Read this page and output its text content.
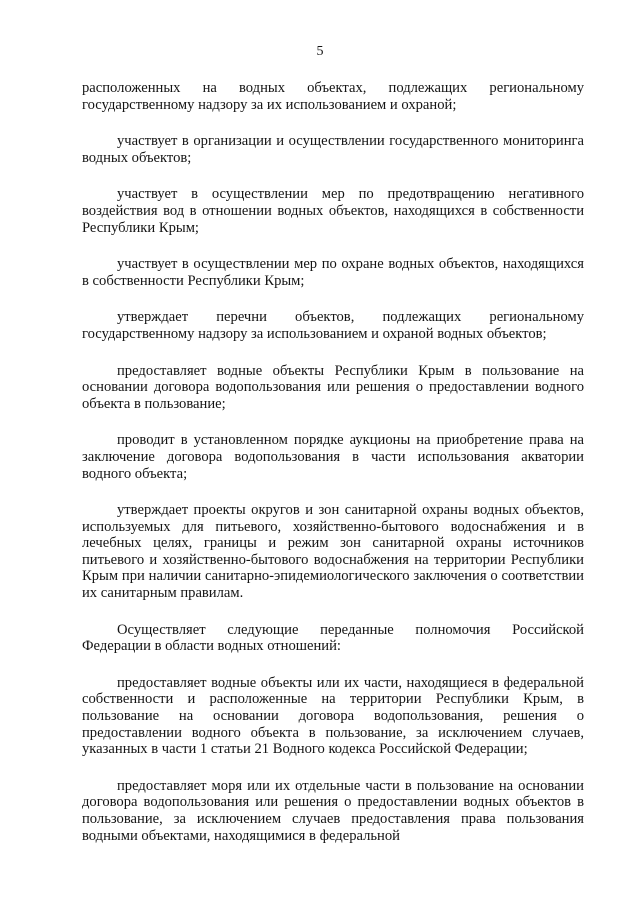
5

расположенных на водных объектах, подлежащих региональному государственному надзору за их использованием и охраной;

участвует в организации и осуществлении государственного мониторинга водных объектов;

участвует в осуществлении мер по предотвращению негативного воздействия вод в отношении водных объектов, находящихся в собственности Республики Крым;

участвует в осуществлении мер по охране водных объектов, находящихся в собственности Республики Крым;

утверждает перечни объектов, подлежащих региональному государственному надзору за использованием и охраной водных объектов;

предоставляет водные объекты Республики Крым в пользование на основании договора водопользования или решения о предоставлении водного объекта в пользование;

проводит в установленном порядке аукционы на приобретение права на заключение договора водопользования в части использования акватории водного объекта;

утверждает проекты округов и зон санитарной охраны водных объектов, используемых для питьевого, хозяйственно-бытового водоснабжения и в лечебных целях, границы и режим зон санитарной охраны источников питьевого и хозяйственно-бытового водоснабжения на территории Республики Крым при наличии санитарно-эпидемиологического заключения о соответствии их санитарным правилам.

Осуществляет следующие переданные полномочия Российской Федерации в области водных отношений:

предоставляет водные объекты или их части, находящиеся в федеральной собственности и расположенные на территории Республики Крым, в пользование на основании договора водопользования, решения о предоставлении водного объекта в пользование, за исключением случаев, указанных в части 1 статьи 21 Водного кодекса Российской Федерации;

предоставляет моря или их отдельные части в пользование на основании договора водопользования или решения о предоставлении водных объектов в пользование, за исключением случаев предоставления права пользования водными объектами, находящимися в федеральной
